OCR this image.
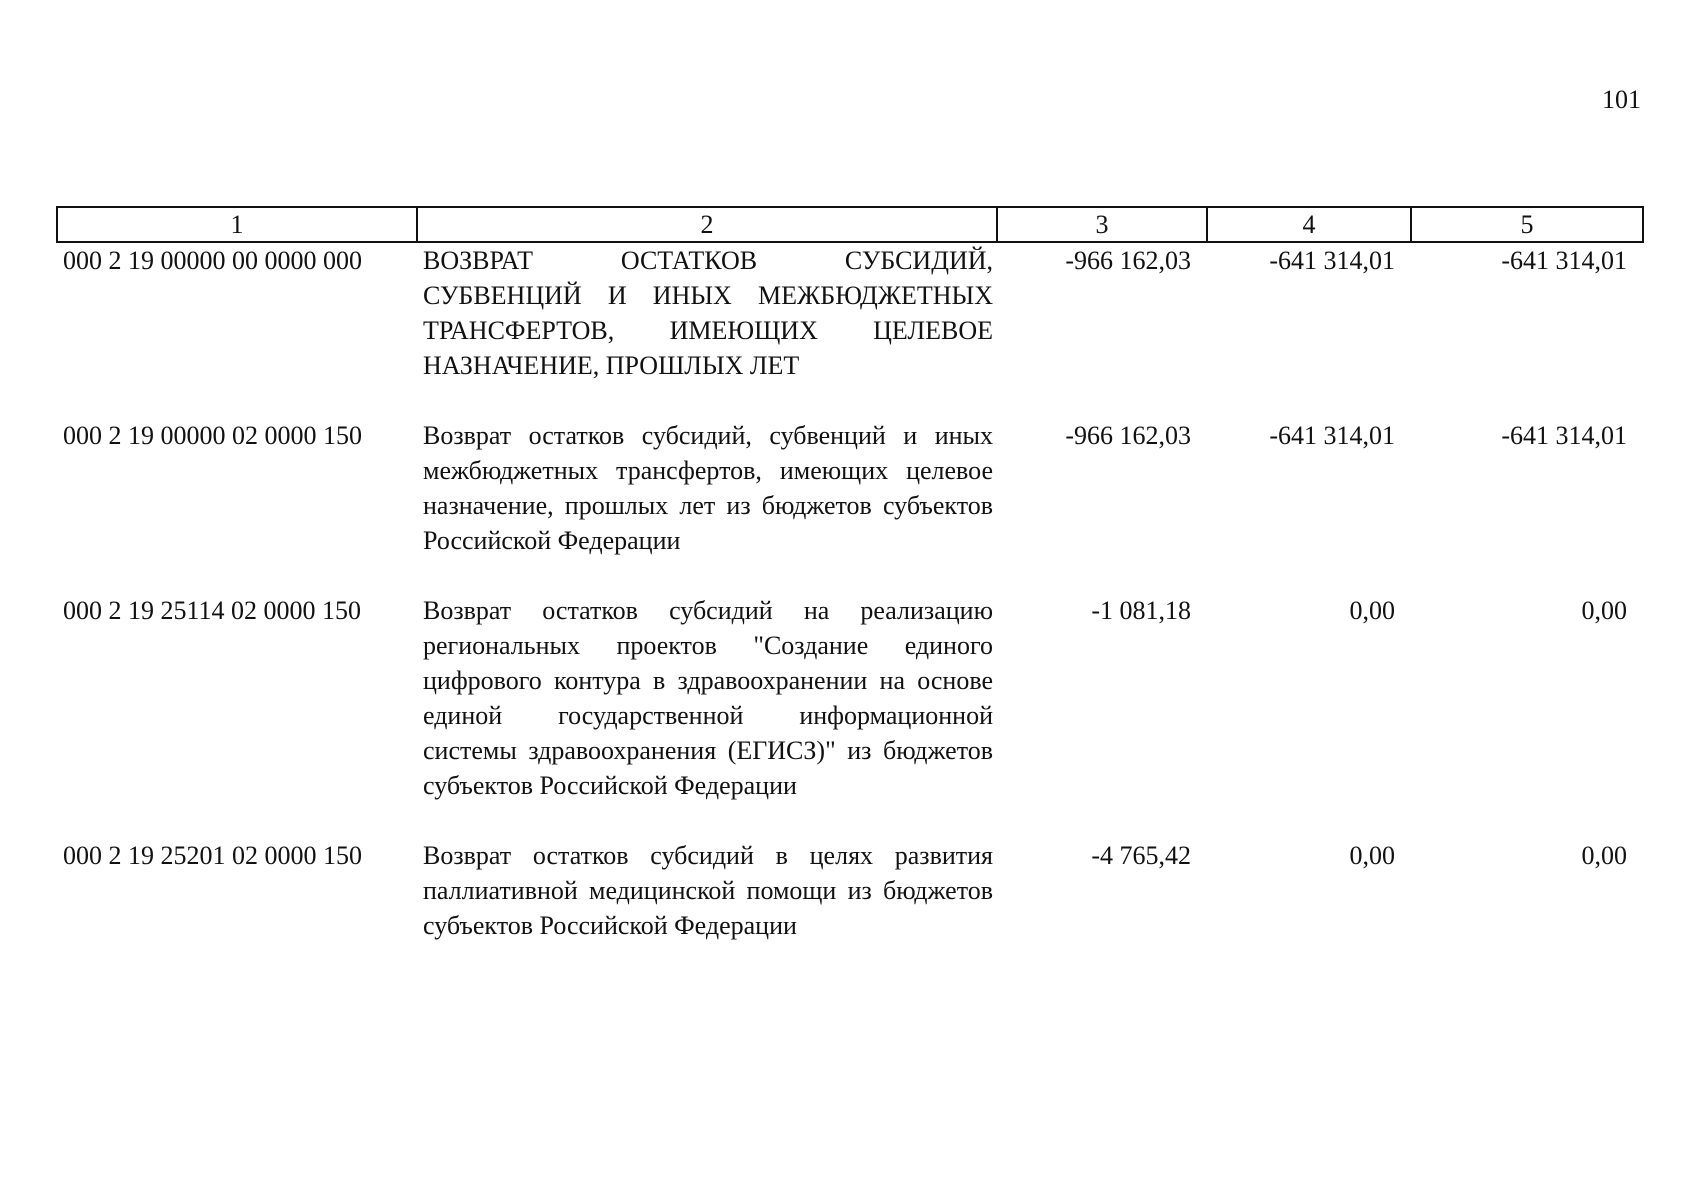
101
1	2	3	4	5
000 2 19 00000 00 0000 000	ВОЗВРАТ ОСТАТКОВ СУБСИДИЙ, СУБВЕНЦИЙ И ИНЫХ МЕЖБЮДЖЕТНЫХ ТРАНСФЕРТОВ, ИМЕЮЩИХ ЦЕЛЕВОЕ НАЗНАЧЕНИЕ, ПРОШЛЫХ ЛЕТ	-966 162,03	-641 314,01	-641 314,01
000 2 19 00000 02 0000 150	Возврат остатков субсидий, субвенций и иных межбюджетных трансфертов, имеющих целевое назначение, прошлых лет из бюджетов субъектов Российской Федерации	-966 162,03	-641 314,01	-641 314,01
000 2 19 25114 02 0000 150	Возврат остатков субсидий на реализацию региональных проектов "Создание единого цифрового контура в здравоохранении на основе единой государственной информационной системы здравоохранения (ЕГИСЗ)" из бюджетов субъектов Российской Федерации	-1 081,18	0,00	0,00
000 2 19 25201 02 0000 150	Возврат остатков субсидий в целях развития паллиативной медицинской помощи из бюджетов субъектов Российской Федерации	-4 765,42	0,00	0,00
